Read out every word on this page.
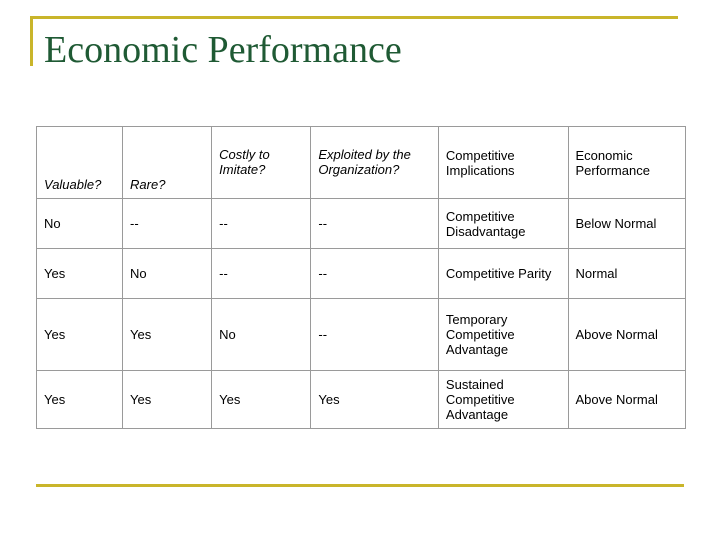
Economic Performance
Valuable?	Rare?	Costly to Imitate?	Exploited by the Organization?	Competitive Implications	Economic Performance
No	--	--	--	Competitive Disadvantage	Below Normal
Yes	No	--	--	Competitive Parity	Normal
Yes	Yes	No	--	Temporary Competitive Advantage	Above Normal
Yes	Yes	Yes	Yes	Sustained Competitive Advantage	Above Normal
